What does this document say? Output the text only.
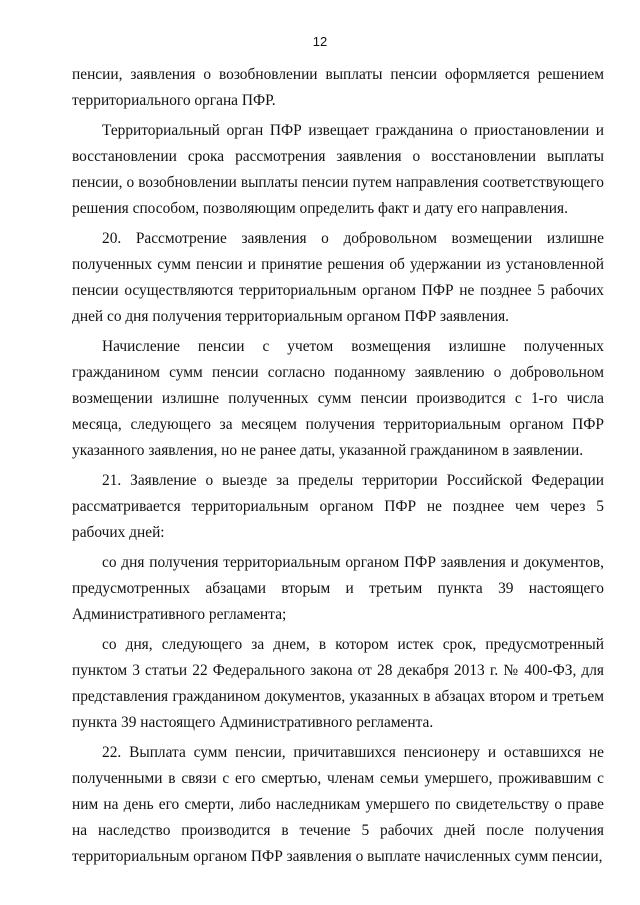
12

пенсии, заявления о возобновлении выплаты пенсии оформляется решением территориального органа ПФР.

Территориальный орган ПФР извещает гражданина о приостановлении и восстановлении срока рассмотрения заявления о восстановлении выплаты пенсии, о возобновлении выплаты пенсии путем направления соответствующего решения способом, позволяющим определить факт и дату его направления.

20. Рассмотрение заявления о добровольном возмещении излишне полученных сумм пенсии и принятие решения об удержании из установленной пенсии осуществляются территориальным органом ПФР не позднее 5 рабочих дней со дня получения территориальным органом ПФР заявления.

Начисление пенсии с учетом возмещения излишне полученных гражданином сумм пенсии согласно поданному заявлению о добровольном возмещении излишне полученных сумм пенсии производится с 1-го числа месяца, следующего за месяцем получения территориальным органом ПФР указанного заявления, но не ранее даты, указанной гражданином в заявлении.

21. Заявление о выезде за пределы территории Российской Федерации рассматривается территориальным органом ПФР не позднее чем через 5 рабочих дней:

со дня получения территориальным органом ПФР заявления и документов, предусмотренных абзацами вторым и третьим пункта 39 настоящего Административного регламента;

со дня, следующего за днем, в котором истек срок, предусмотренный пунктом 3 статьи 22 Федерального закона от 28 декабря 2013 г. № 400-ФЗ, для представления гражданином документов, указанных в абзацах втором и третьем пункта 39 настоящего Административного регламента.

22. Выплата сумм пенсии, причитавшихся пенсионеру и оставшихся не полученными в связи с его смертью, членам семьи умершего, проживавшим с ним на день его смерти, либо наследникам умершего по свидетельству о праве на наследство производится в течение 5 рабочих дней после получения территориальным органом ПФР заявления о выплате начисленных сумм пенсии,
